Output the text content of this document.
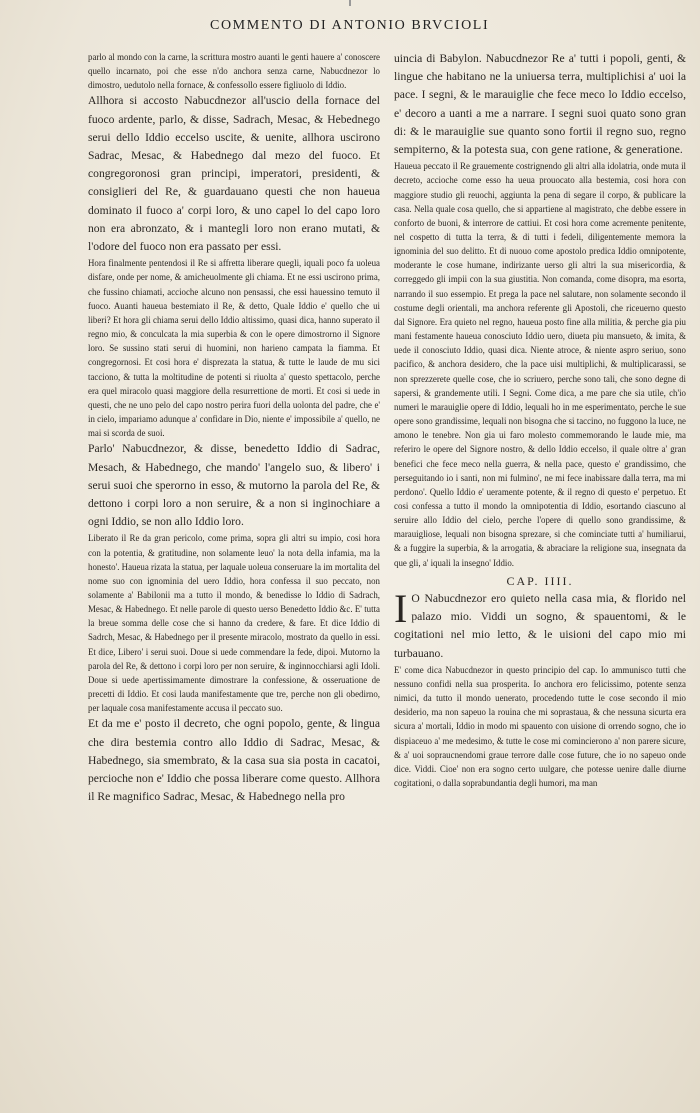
COMMENTO DI ANTONIO BRVCIOLI

parlo al mondo con la carne, la scrittura mostro auanti le genti hauere a' conoscere quello incarnato, poi che esse n'do anchora senza carne, Nabucdnezor lo dimostro, uedutolo nella fornace, & confessollo essere figliuolo di Iddio.

Allhora si accosto Nabucdnezor all'uscio della fornace del fuoco ardente, parlo, & disse, Sadrach, Mesac, & Hebednego serui dello Iddio eccelso uscite, & uenite, allhora uscirono Sadrac, Mesac, & Habednego dal mezo del fuoco. Et congregoronosi gran principi, imperatori, presidenti, & consiglieri del Re, & guardauano questi che non haueua dominato il fuoco a' corpi loro, & uno capel lo del capo loro non era abronzato, & i mantegli loro non erano mutati, & l'odore del fuoco non era passato per essi.

Hora finalmente pentendosi il Re si affretta liberare quegli, iquali poco fa uoleua disfare, onde per nome, & amicheuolmente gli chiama. Et ne essi uscirono prima, che fussino chiamati, accioche alcuno non pensassi, che essi hauessino temuto il fuoco. Auanti haueua bestemiato il Re, & detto, Quale Iddio e' quello che ui liberi? Et hora gli chiama serui dello Iddio altissimo, quasi dica, hanno superato il regno mio, & conculcata la mia superbia & con le opere dimostrorno il Signore loro. Se sussino stati serui di huomini, non harieno campata la fiamma. Et congregornosi. Et cosi hora e' disprezata la statua, & tutte le laude de mu sici tacciono, & tutta la moltitudine de potenti si riuolta a' questo spettacolo, perche era quel miracolo quasi maggiore della resurrettione de morti. Et cosi si uede in questi, che ne uno pelo del capo nostro perira fuori della uolonta del padre, che e' in cielo, impariamo adunque a' confidare in Dio, niente e' impossibile a' quello, ne mai si scorda de suoi.

Parlo' Nabucdnezor, & disse, benedetto Iddio di Sadrac, Mesach, & Habednego, che mando' l'angelo suo, & libero' i serui suoi che sperorno in esso, & mutorno la parola del Re, & dettono i corpi loro a non seruire, & a non si inginochiare a ogni Iddio, se non allo Iddio loro.

Liberato il Re da gran pericolo, come prima, sopra gli altri su impio, cosi hora con la potentia, & gratitudine, non solamente leuo' la nota della infamia, ma la honesto'. Haueua rizata la statua, per laquale uoleua conseruare la im mortalita del nome suo con ignominia del uero Iddio, hora confessa il suo peccato, non solamente a' Babilonii ma a tutto il mondo, & benedisse lo Iddio di Sadrach, Mesac, & Habednego. Et nelle parole di questo uerso Benedetto Iddio &c. E' tutta la breue somma delle cose che si hanno da credere, & fare. Et dice Iddio di Sadrch, Mesac, & Habednego per il presente miracolo, mostrato da quello in essi. Et dice, Libero' i serui suoi. Doue si uede commendare la fede, dipoi. Mutorno la parola del Re, & dettono i corpi loro per non seruire, & inginnocchiarsi agli Idoli. Doue si uede apertissimamente dimostrare la confessione, & osseruatione de precetti di Iddio. Et cosi lauda manifestamente que tre, perche non gli obedirno, per laquale cosa manifestamente accusa il peccato suo.

Et da me e' posto il decreto, che ogni popolo, gente, & lingua che dira bestemia contro allo Iddio di Sadrac, Mesac, & Habednego, sia smembrato, & la casa sua sia posta in cacatoi, percioche non e' Iddio che possa liberare come questo. Allhora il Re magnifico Sadrac, Mesac, & Habednego nella pro

uincia di Babylon. Nabucdnezor Re a' tutti i popoli, genti, & lingue che habitano ne la uniuersa terra, multiplichisi a' uoi la pace. I segni, & le marauiglie che fece meco lo Iddio eccelso, e' decoro a uanti a me a narrare. I segni suoi quato sono gran di: & le marauiglie sue quanto sono fortii il regno suo, regno sempiterno, & la potesta sua, con gene ratione, & generatione.

Haueua peccato il Re grauemente costrignendo gli altri alla idolatria, onde muta il decreto, accioche come esso ha ueua prouocato alla bestemia, cosi hora con maggiore studio gli reuochi, aggiunta la pena di segare il corpo, & publicare la casa. Nella quale cosa quello, che si appartiene al magistrato, che debbe essere in conforto de buoni, & interrore de cattiui. Et cosi hora come acremente penitente, nel cospetto di tutta la terra, & di tutti i fedeli, diligentemente memora la ignominia del suo delitto. Et di nuouo come apostolo predica Iddio omnipotente, moderante le cose humane, indirizante uerso gli altri la sua misericordia, & correggedo gli impii con la sua giustitia. Non comanda, come disopra, ma esorta, narrando il suo essempio. Et prega la pace nel salutare, non solamente secondo il costume degli orientali, ma anchora referente gli Apostoli, che riceuerno questo dal Signore. Era quieto nel regno, haueua posto fine alla militia, & perche gia piu mani festamente haueua conosciuto Iddio uero, diueta piu mansueto, & imita, & uede il conosciuto Iddio, quasi dica. Niente atroce, & niente aspro seriuo, sono pacifico, & anchora desidero, che la pace uisi multiplichi, & multiplicarassi, se non sprezzerete quelle cose, che io scriuero, perche sono tali, che sono degne di sapersi, & grandemente utili. I Segni. Come dica, a me pare che sia utile, ch'io numeri le marauiglie opere di Iddio, lequali ho in me esperimentato, perche le sue opere sono grandissime, lequali non bisogna che si taccino, no fuggono la luce, ne amono le tenebre. Non gia ui faro molesto commemorando le laude mie, ma referiro le opere del Signore nostro, & dello Iddio eccelso, il quale oltre a' gran benefici che fece meco nella guerra, & nella pace, questo e' grandissimo, che perseguitando io i santi, non mi fulmino', ne mi fece inabissare dalla terra, ma mi perdono'. Quello Iddio e' ueramente potente, & il regno di questo e' perpetuo. Et cosi confessa a tutto il mondo la omnipotentia di Iddio, esortando ciascuno al seruire allo Iddio del cielo, perche l'opere di quello sono grandissime, & marauigliose, lequali non bisogna sprezare, si che cominciate tutti a' humiliarui, & a fuggire la superbia, & la arrogatia, & abraciare la religione sua, insegnata da que gli, a' iquali la insegno' Iddio.

CAP. IIII.

I O Nabucdnezor ero quieto nella casa mia, & florido nel palazo mio. Viddi un sogno, & spauentomi, & le cogitationi nel mio letto, & le uisioni del capo mio mi turbauano.

E' come dica Nabucdnezor in questo principio del cap. Io ammunisco tutti che nessuno confidi nella sua prosperita. Io anchora ero felicissimo, potente senza nimici, da tutto il mondo uenerato, procedendo tutte le cose secondo il mio desiderio, ma non sapeuo la rouina che mi soprastaua, & che nessuna sicurta era sicura a' mortali, Iddio in modo mi spauento con uisione di orrendo sogno, che io dispiaceuo a' me medesimo, & tutte le cose mi comincierono a' non parere sicure, & a' uoi sopraucnendomi graue terrore dalle cose future, che io no sapeuo onde dice. Viddi. Cioe' non era sogno certo uulgare, che potesse uenire dalle diurne cogitationi, o dalla soprabundantia degli humori, ma man
